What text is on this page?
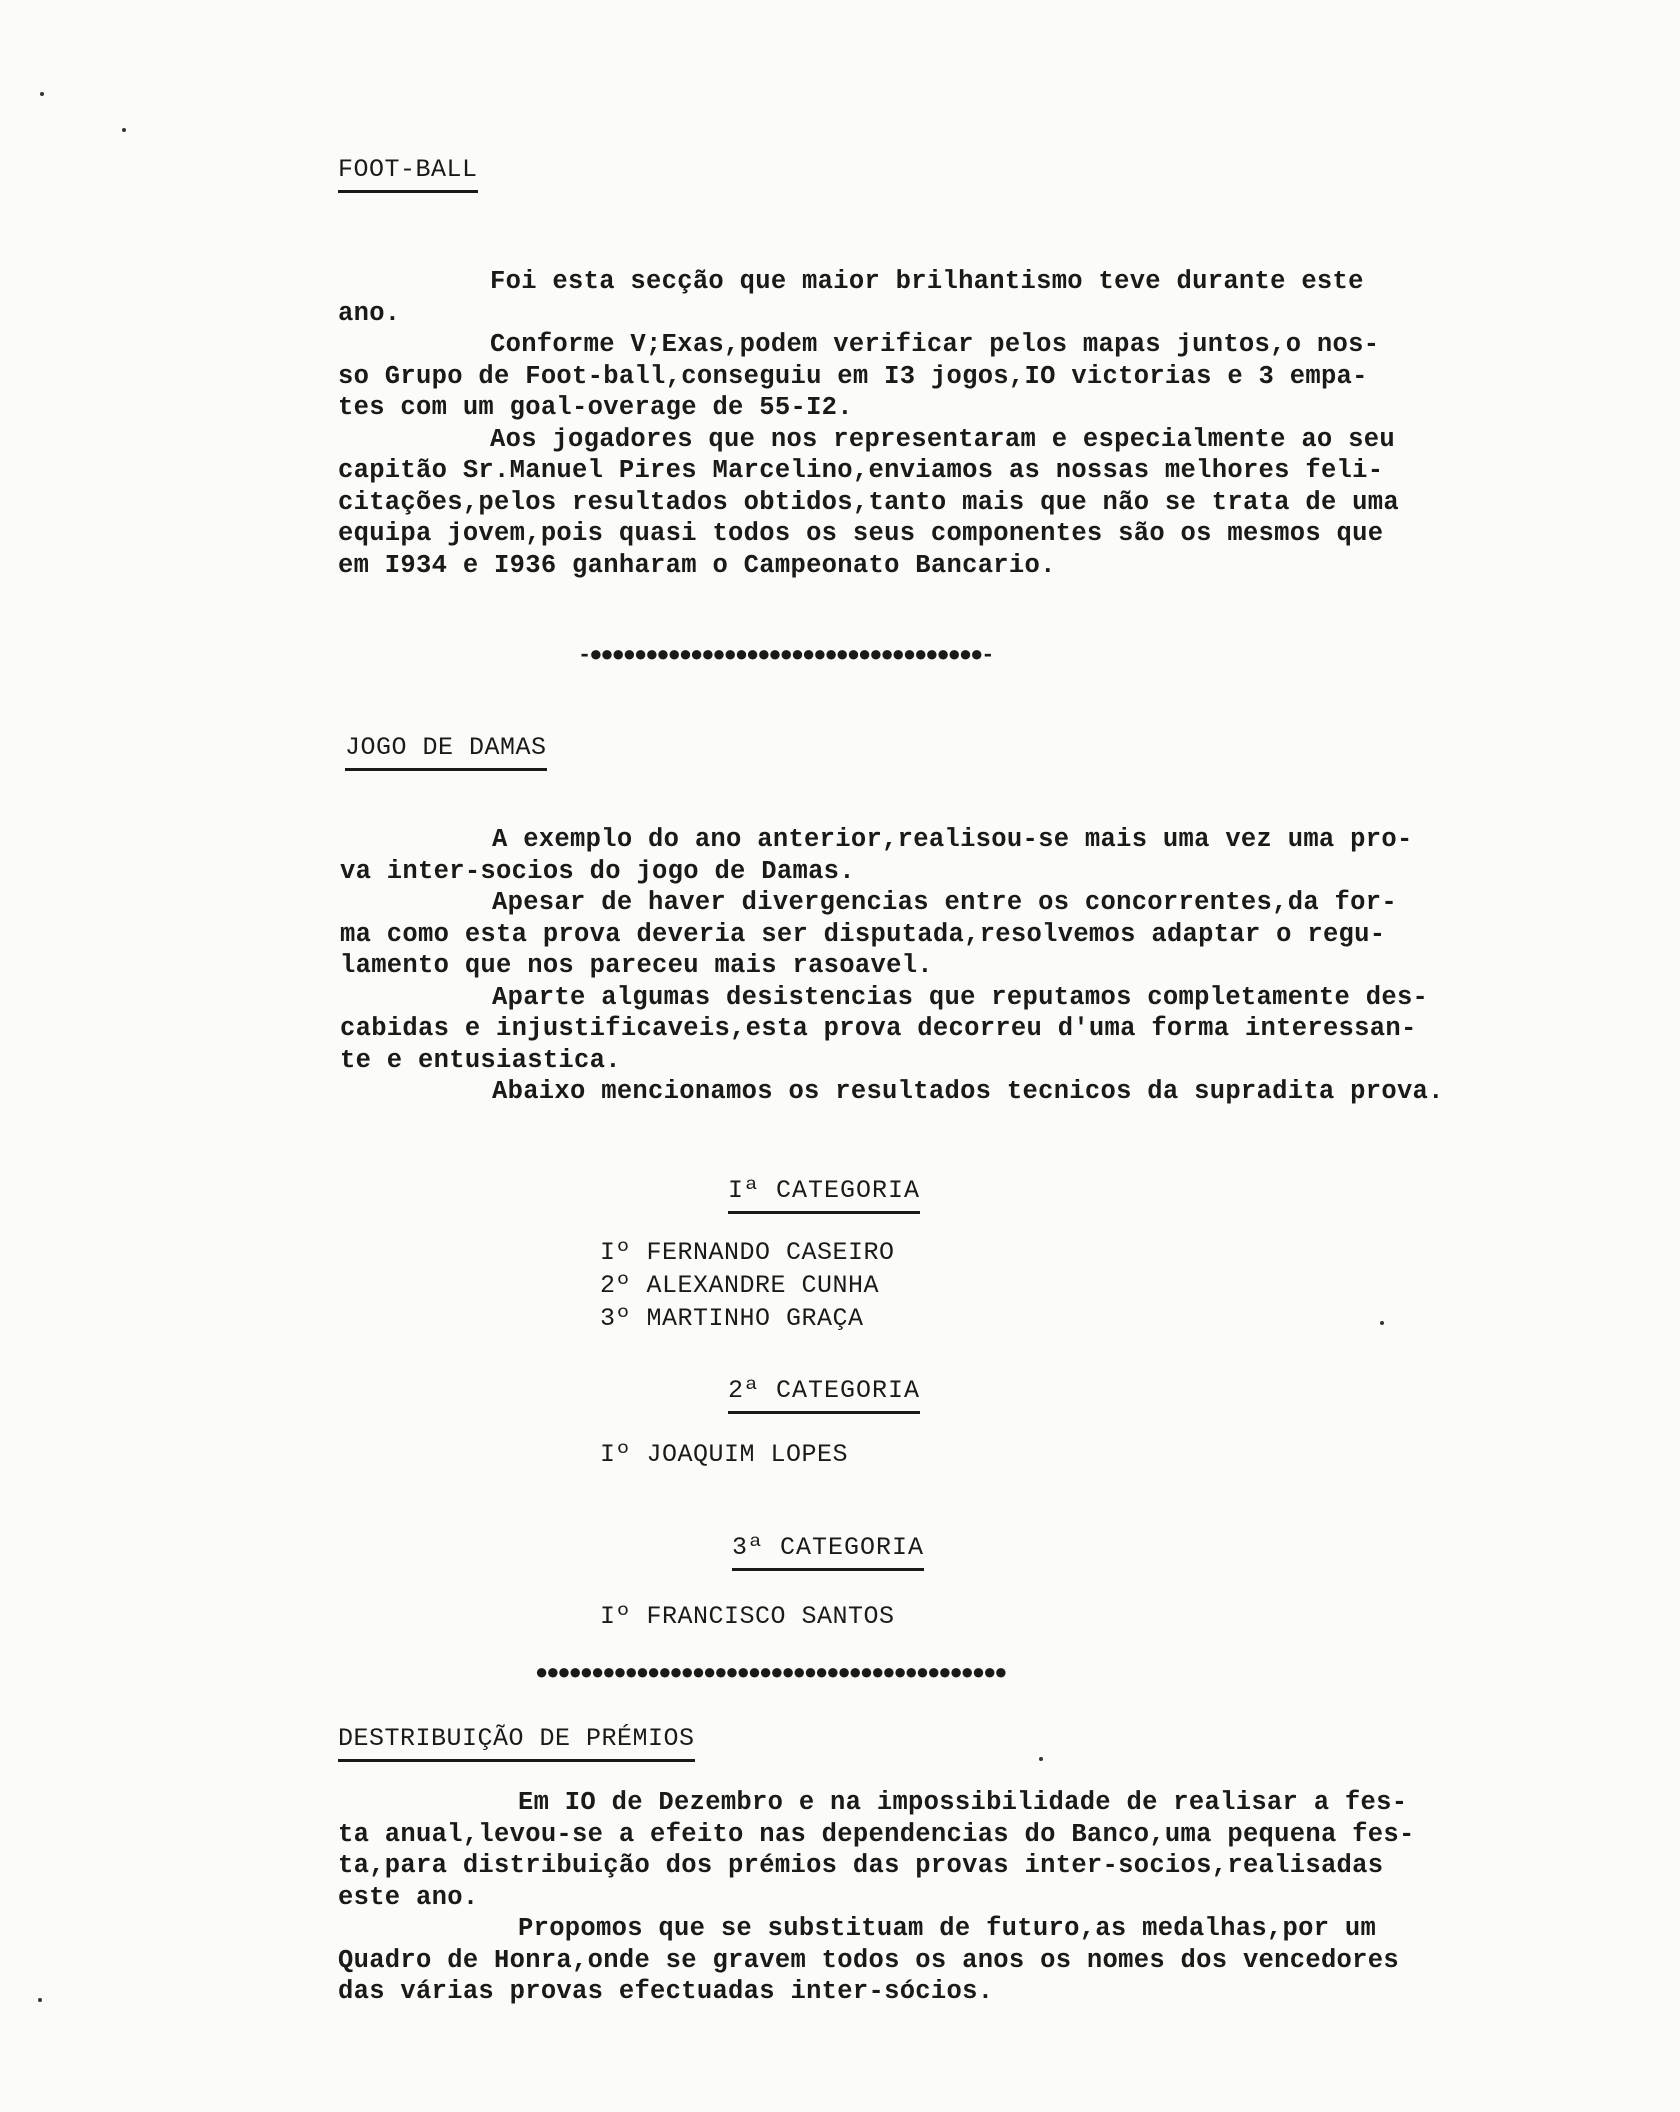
FOOT-BALL
Foi esta secção que maior brilhantismo teve durante este
ano.
Conforme V;Exas,podem verificar pelos mapas juntos,o nos-
so Grupo de Foot-ball,conseguiu em I3 jogos,IO victorias e 3 empa-
tes com um goal-overage de 55-I2.
Aos jogadores que nos representaram e especialmente ao seu
capitão Sr.Manuel Pires Marcelino,enviamos as nossas melhores feli-
citações,pelos resultados obtidos,tanto mais que não se trata de uma
equipa jovem,pois quasi todos os seus componentes são os mesmos que
em I934 e I936 ganharam o Campeonato Bancario.
-●●●●●●●●●●●●●●●●●●●●●●●●●●●●●●●●●●●-
JOGO DE DAMAS
A exemplo do ano anterior,realisou-se mais uma vez uma pro-
va inter-socios do jogo de Damas.
Apesar de haver divergencias entre os concorrentes,da for-
ma como esta prova deveria ser disputada,resolvemos adaptar o regu-
lamento que nos pareceu mais rasoavel.
Aparte algumas desistencias que reputamos completamente des-
cabidas e injustificaveis,esta prova decorreu d'uma forma interessan-
te e entusiastica.
Abaixo mencionamos os resultados tecnicos da supradita prova.
Iª CATEGORIA
Iº FERNANDO CASEIRO
2º ALEXANDRE CUNHA
3º MARTINHO GRAÇA
2ª CATEGORIA
Iº JOAQUIM LOPES
3ª CATEGORIA
Iº FRANCISCO SANTOS
●●●●●●●●●●●●●●●●●●●●●●●●●●●●●●●●●●●●●●●●●●
DESTRIBUIÇÃO DE PRÉMIOS
Em IO de Dezembro e na impossibilidade de realisar a fes-
ta anual,levou-se a efeito nas dependencias do Banco,uma pequena fes-
ta,para distribuição dos prémios das provas inter-socios,realisadas
este ano.
Propomos que se substituam de futuro,as medalhas,por um
Quadro de Honra,onde se gravem todos os anos os nomes dos vencedores
das várias provas efectuadas inter-sócios.
